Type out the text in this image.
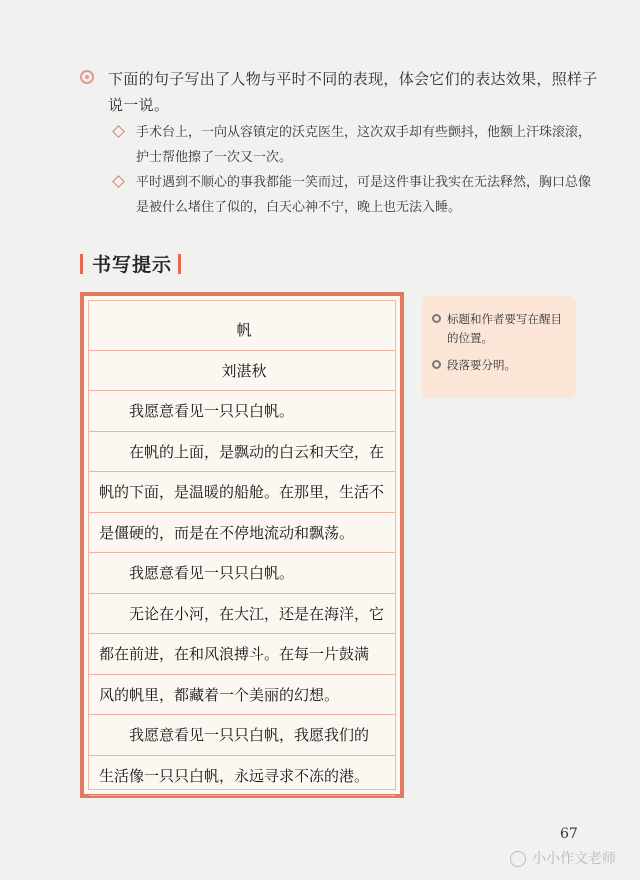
下面的句子写出了人物与平时不同的表现，体会它们的表达效果，照样子说一说。
手术台上，一向从容镇定的沃克医生，这次双手却有些颤抖，他额上汗珠滚滚，护士帮他擦了一次又一次。
平时遇到不顺心的事我都能一笑而过，可是这件事让我实在无法释然，胸口总像是被什么堵住了似的，白天心神不宁，晚上也无法入睡。
书写提示
帆
刘湛秋
我愿意看见一只只白帆。
在帆的上面，是飘动的白云和天空，在
帆的下面，是温暖的船舱。在那里，生活不
是僵硬的，而是在不停地流动和飘荡。
我愿意看见一只只白帆。
无论在小河，在大江，还是在海洋，它
都在前进，在和风浪搏斗。在每一片鼓满
风的帆里，都藏着一个美丽的幻想。
我愿意看见一只只白帆，我愿我们的
生活像一只只白帆，永远寻求不冻的港。
标题和作者要写在醒目的位置。
段落要分明。
67
小小作文老师
